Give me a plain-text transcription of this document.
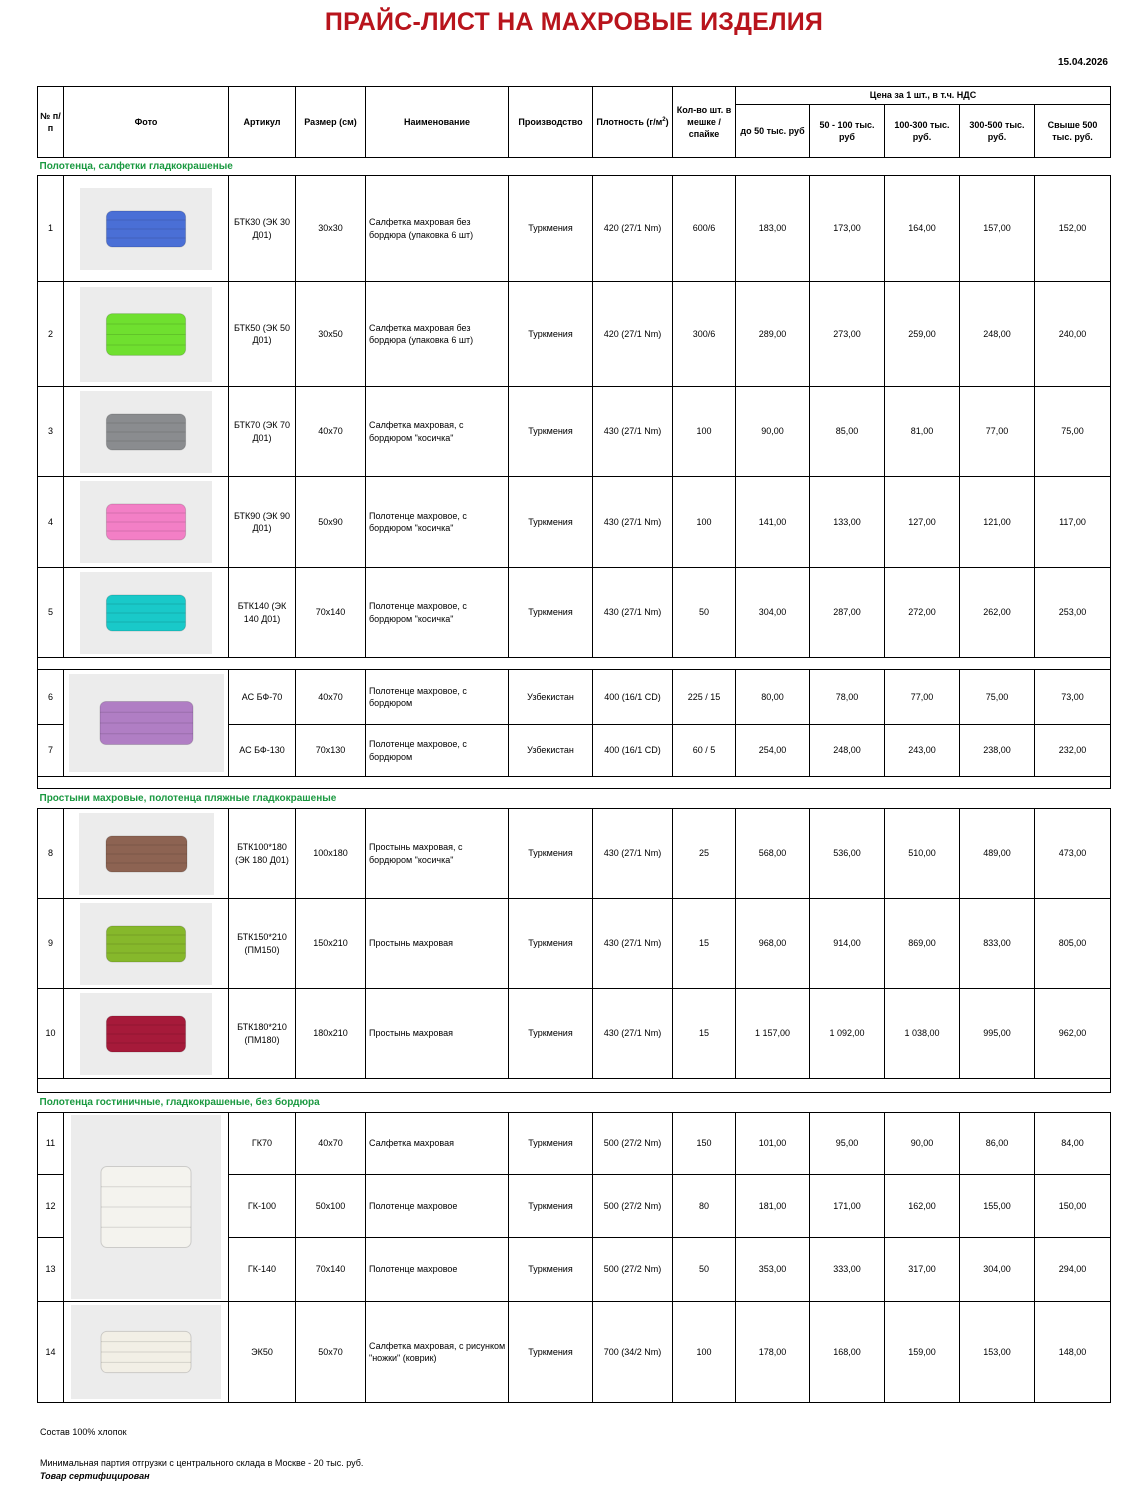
ПРАЙС-ЛИСТ НА МАХРОВЫЕ ИЗДЕЛИЯ
15.04.2026
№ п/п	Фото	Артикул	Размер (см)	Наименование	Производство	Плотность $(г/м^2)$	Кол-во шт. в мешке / спайке	Цена за 1 шт., в т.ч. НДС				
								до 50 тыс. руб	50 - 100 тыс. руб	100-300 тыс. руб.	300-500 тыс. руб.	Свыше 500 тыс. руб.
Полотенца, салфетки гладкокрашеные												
1		БТК30 (ЭК 30 Д01)	30х30	Салфетка махровая без бордюра (упаковка 6 шт)	Туркмения	420 (27/1 Nm)	600/6	183,00	173,00	164,00	157,00	152,00
2		БТК50 (ЭК 50 Д01)	30х50	Салфетка махровая без бордюра (упаковка 6 шт)	Туркмения	420 (27/1 Nm)	300/6	289,00	273,00	259,00	248,00	240,00
3		БТК70 (ЭК 70 Д01)	40х70	Салфетка махровая, с бордюром "косичка"	Туркмения	430 (27/1 Nm)	100	90,00	85,00	81,00	77,00	75,00
4		БТК90 (ЭК 90 Д01)	50х90	Полотенце махровое, с бордюром "косичка"	Туркмения	430 (27/1 Nm)	100	141,00	133,00	127,00	121,00	117,00
5		БТК140 (ЭК 140 Д01)	70х140	Полотенце махровое, с бордюром "косичка"	Туркмения	430 (27/1 Nm)	50	304,00	287,00	272,00	262,00	253,00

6		АС БФ-70	40х70	Полотенце махровое, с бордюром	Узбекистан	400 (16/1 CD)	225 / 15	80,00	78,00	77,00	75,00	73,00
7		АС БФ-130	70х130	Полотенце махровое, с бордюром	Узбекистан	400 (16/1 CD)	60 / 5	254,00	248,00	243,00	238,00	232,00

Простыни махровые, полотенца пляжные гладкокрашеные												
8		БТК100*180 (ЭК 180 Д01)	100х180	Простынь махровая, с бордюром "косичка"	Туркмения	430 (27/1 Nm)	25	568,00	536,00	510,00	489,00	473,00
9		БТК150*210 (ПМ150)	150х210	Простынь махровая	Туркмения	430 (27/1 Nm)	15	968,00	914,00	869,00	833,00	805,00
10		БТК180*210 (ПМ180)	180х210	Простынь махровая	Туркмения	430 (27/1 Nm)	15	1 157,00	1 092,00	1 038,00	995,00	962,00

Полотенца гостиничные, гладкокрашеные, без бордюра												
11		ГК70	40х70	Салфетка махровая	Туркмения	500 (27/2 Nm)	150	101,00	95,00	90,00	86,00	84,00
12		ГК-100	50х100	Полотенце махровое	Туркмения	500 (27/2 Nm)	80	181,00	171,00	162,00	155,00	150,00
13		ГК-140	70х140	Полотенце махровое	Туркмения	500 (27/2 Nm)	50	353,00	333,00	317,00	304,00	294,00
14		ЭК50	50х70	Салфетка махровая, с рисунком "ножки" (коврик)	Туркмения	700 (34/2 Nm)	100	178,00	168,00	159,00	153,00	148,00
Состав 100% хлопок
Минимальная партия отгрузки с центрального склада в Москве - 20 тыс. руб.
Товар сертифицирован
